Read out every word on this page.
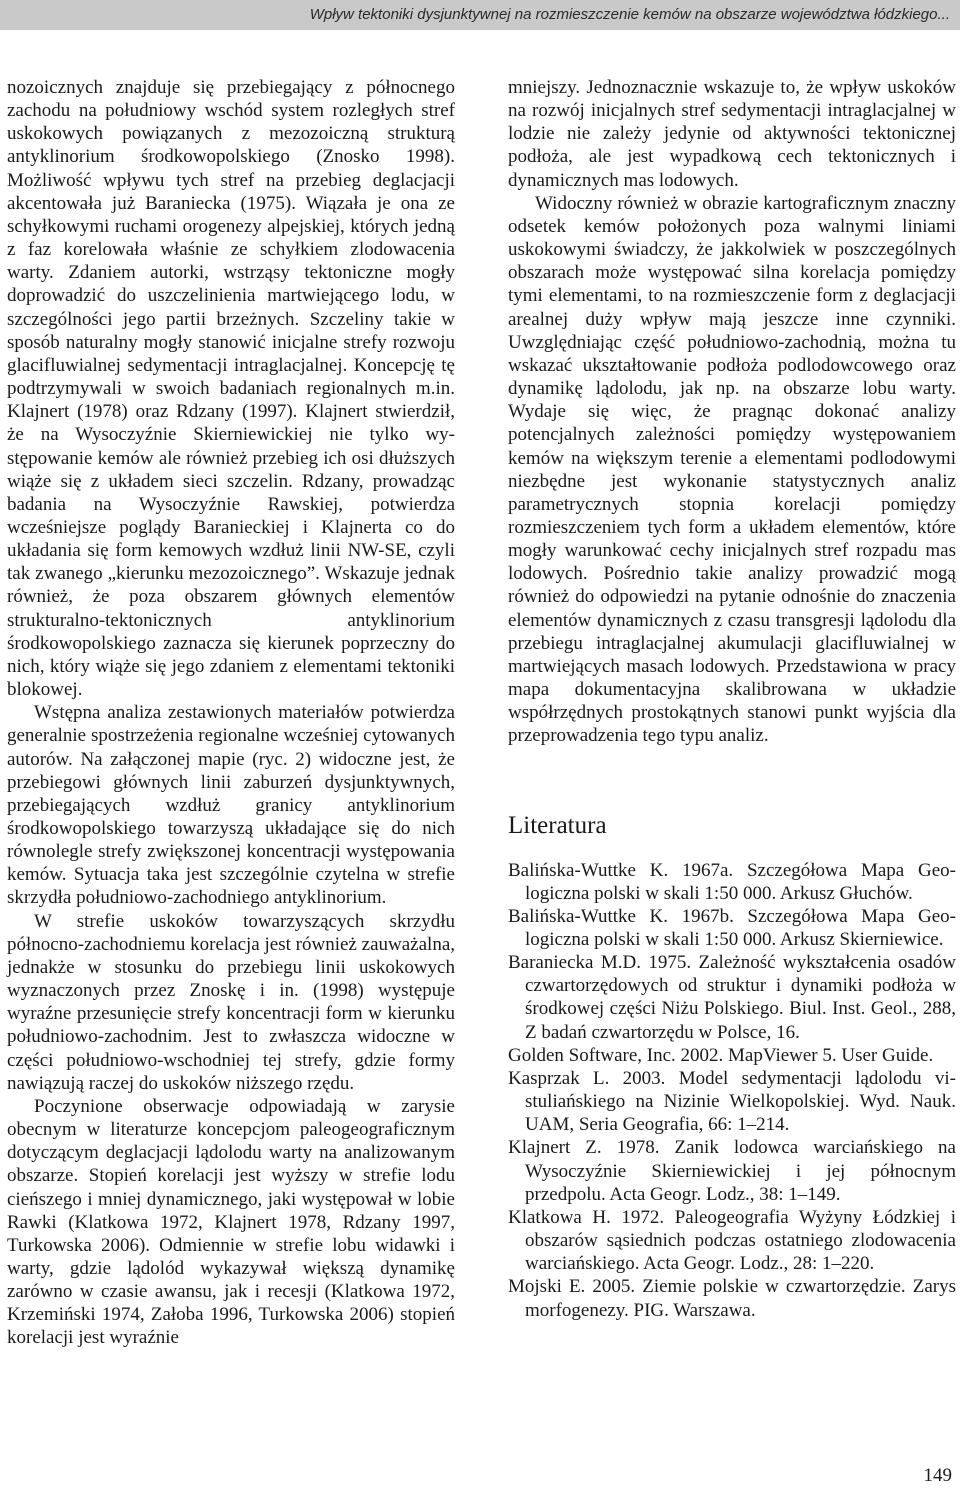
Wpływ tektoniki dysjunktywnej na rozmieszczenie kemów na obszarze województwa łódzkiego...

nozoicznych znajduje się przebiegający z północnego zachodu na południowy wschód system rozległych stref uskokowych powiązanych z mezozoiczną strukturą antyklinorium środkowopolskiego (Znosko 1998). Możliwość wpływu tych stref na przebieg deglacjacji akcentowała już Baraniecka (1975). Wiązała je ona ze schyłkowymi ruchami orogenezy alpejskiej, których jedną z faz korelowała właśnie ze schyłkiem zlodowacenia warty. Zdaniem autorki, wstrząsy tektoniczne mogły doprowadzić do uszczelinienia martwiejącego lodu, w szczególności jego partii brzeżnych. Szczeliny takie w sposób naturalny mogły stanowić inicjalne strefy rozwoju glacifluwialnej sedymentacji intraglacjalnej. Koncepcję tę podtrzymywali w swoich badaniach regionalnych m.in. Klajnert (1978) oraz Rdzany (1997). Klajnert stwierdził, że na Wysoczyźnie Skierniewickiej nie tylko występowanie kemów ale również przebieg ich osi dłuższych wiąże się z układem sieci szczelin. Rdzany, prowadząc badania na Wysoczyźnie Rawskiej, potwierdza wcześniejsze poglądy Baranieckiej i Klajnerta co do układania się form kemowych wzdłuż linii NW-SE, czyli tak zwanego „kierunku mezozoicznego”. Wskazuje jednak również, że poza obszarem głównych elementów strukturalno-tektonicznych antyklinorium środkowopolskiego zaznacza się kierunek poprzeczny do nich, który wiąże się jego zdaniem z elementami tektoniki blokowej.

Wstępna analiza zestawionych materiałów potwierdza generalnie spostrzeżenia regionalne wcześniej cytowanych autorów. Na załączonej mapie (ryc. 2) widoczne jest, że przebiegowi głównych linii zaburzeń dysjunktywnych, przebiegających wzdłuż granicy antyklinorium środkowopolskiego towarzyszą układające się do nich równolegle strefy zwiększonej koncentracji występowania kemów. Sytuacja taka jest szczególnie czytelna w strefie skrzydła południowo-zachodniego antyklinorium.

W strefie uskoków towarzyszących skrzydłu północno-zachodniemu korelacja jest również zauważalna, jednakże w stosunku do przebiegu linii uskokowych wyznaczonych przez Znoskę i in. (1998) występuje wyraźne przesunięcie strefy koncentracji form w kierunku południowo-zachodnim. Jest to zwłaszcza widoczne w części południowo-wschodniej tej strefy, gdzie formy nawiązują raczej do uskoków niższego rzędu.

Poczynione obserwacje odpowiadają w zarysie obecnym w literaturze koncepcjom paleogeograficznym dotyczącym deglacjacji lądolodu warty na analizowanym obszarze. Stopień korelacji jest wyższy w strefie lodu cieńszego i mniej dynamicznego, jaki występował w lobie Rawki (Klatkowa 1972, Klajnert 1978, Rdzany 1997, Turkowska 2006). Odmiennie w strefie lobu widawki i warty, gdzie lądolód wykazywał większą dynamikę zarówno w czasie awansu, jak i recesji (Klatkowa 1972, Krzemiński 1974, Załoba 1996, Turkowska 2006) stopień korelacji jest wyraźnie

mniejszy. Jednoznacznie wskazuje to, że wpływ uskoków na rozwój inicjalnych stref sedymentacji intraglacjalnej w lodzie nie zależy jedynie od aktywności tektonicznej podłoża, ale jest wypadkową cech tektonicznych i dynamicznych mas lodowych.

Widoczny również w obrazie kartograficznym znaczny odsetek kemów położonych poza walnymi liniami uskokowymi świadczy, że jakkolwiek w poszczególnych obszarach może występować silna korelacja pomiędzy tymi elementami, to na rozmieszczenie form z deglacjacji arealnej duży wpływ mają jeszcze inne czynniki. Uwzględniając część południowo-zachodnią, można tu wskazać ukształtowanie podłoża podlodowcowego oraz dynamikę lądolodu, jak np. na obszarze lobu warty. Wydaje się więc, że pragnąc dokonać analizy potencjalnych zależności pomiędzy występowaniem kemów na większym terenie a elementami podlodowymi niezbędne jest wykonanie statystycznych analiz parametrycznych stopnia korelacji pomiędzy rozmieszczeniem tych form a układem elementów, które mogły warunkować cechy inicjalnych stref rozpadu mas lodowych. Pośrednio takie analizy prowadzić mogą również do odpowiedzi na pytanie odnośnie do znaczenia elementów dynamicznych z czasu transgresji lądolodu dla przebiegu intraglacjalnej akumulacji glacifluwialnej w martwiejących masach lodowych. Przedstawiona w pracy mapa dokumentacyjna skalibrowana w układzie współrzędnych prostokątnych stanowi punkt wyjścia dla przeprowadzenia tego typu analiz.

Literatura

Balińska-Wuttke K. 1967a. Szczegółowa Mapa Geologiczna polski w skali 1:50 000. Arkusz Głuchów.

Balińska-Wuttke K. 1967b. Szczegółowa Mapa Geologiczna polski w skali 1:50 000. Arkusz Skierniewice.

Baraniecka M.D. 1975. Zależność wykształcenia osadów czwartorzędowych od struktur i dynamiki podłoża w środkowej części Niżu Polskiego. Biul. Inst. Geol., 288, Z badań czwartorzędu w Polsce, 16.

Golden Software, Inc. 2002. MapViewer 5. User Guide.

Kasprzak L. 2003. Model sedymentacji lądolodu vistuliańskiego na Nizinie Wielkopolskiej. Wyd. Nauk. UAM, Seria Geografia, 66: 1–214.

Klajnert Z. 1978. Zanik lodowca warciańskiego na Wysoczyźnie Skierniewickiej i jej północnym przedpolu. Acta Geogr. Lodz., 38: 1–149.

Klatkowa H. 1972. Paleogeografia Wyżyny Łódzkiej i obszarów sąsiednich podczas ostatniego zlodowacenia warciańskiego. Acta Geogr. Lodz., 28: 1–220.

Mojski E. 2005. Ziemie polskie w czwartorzędzie. Zarys morfogenezy. PIG. Warszawa.

149
